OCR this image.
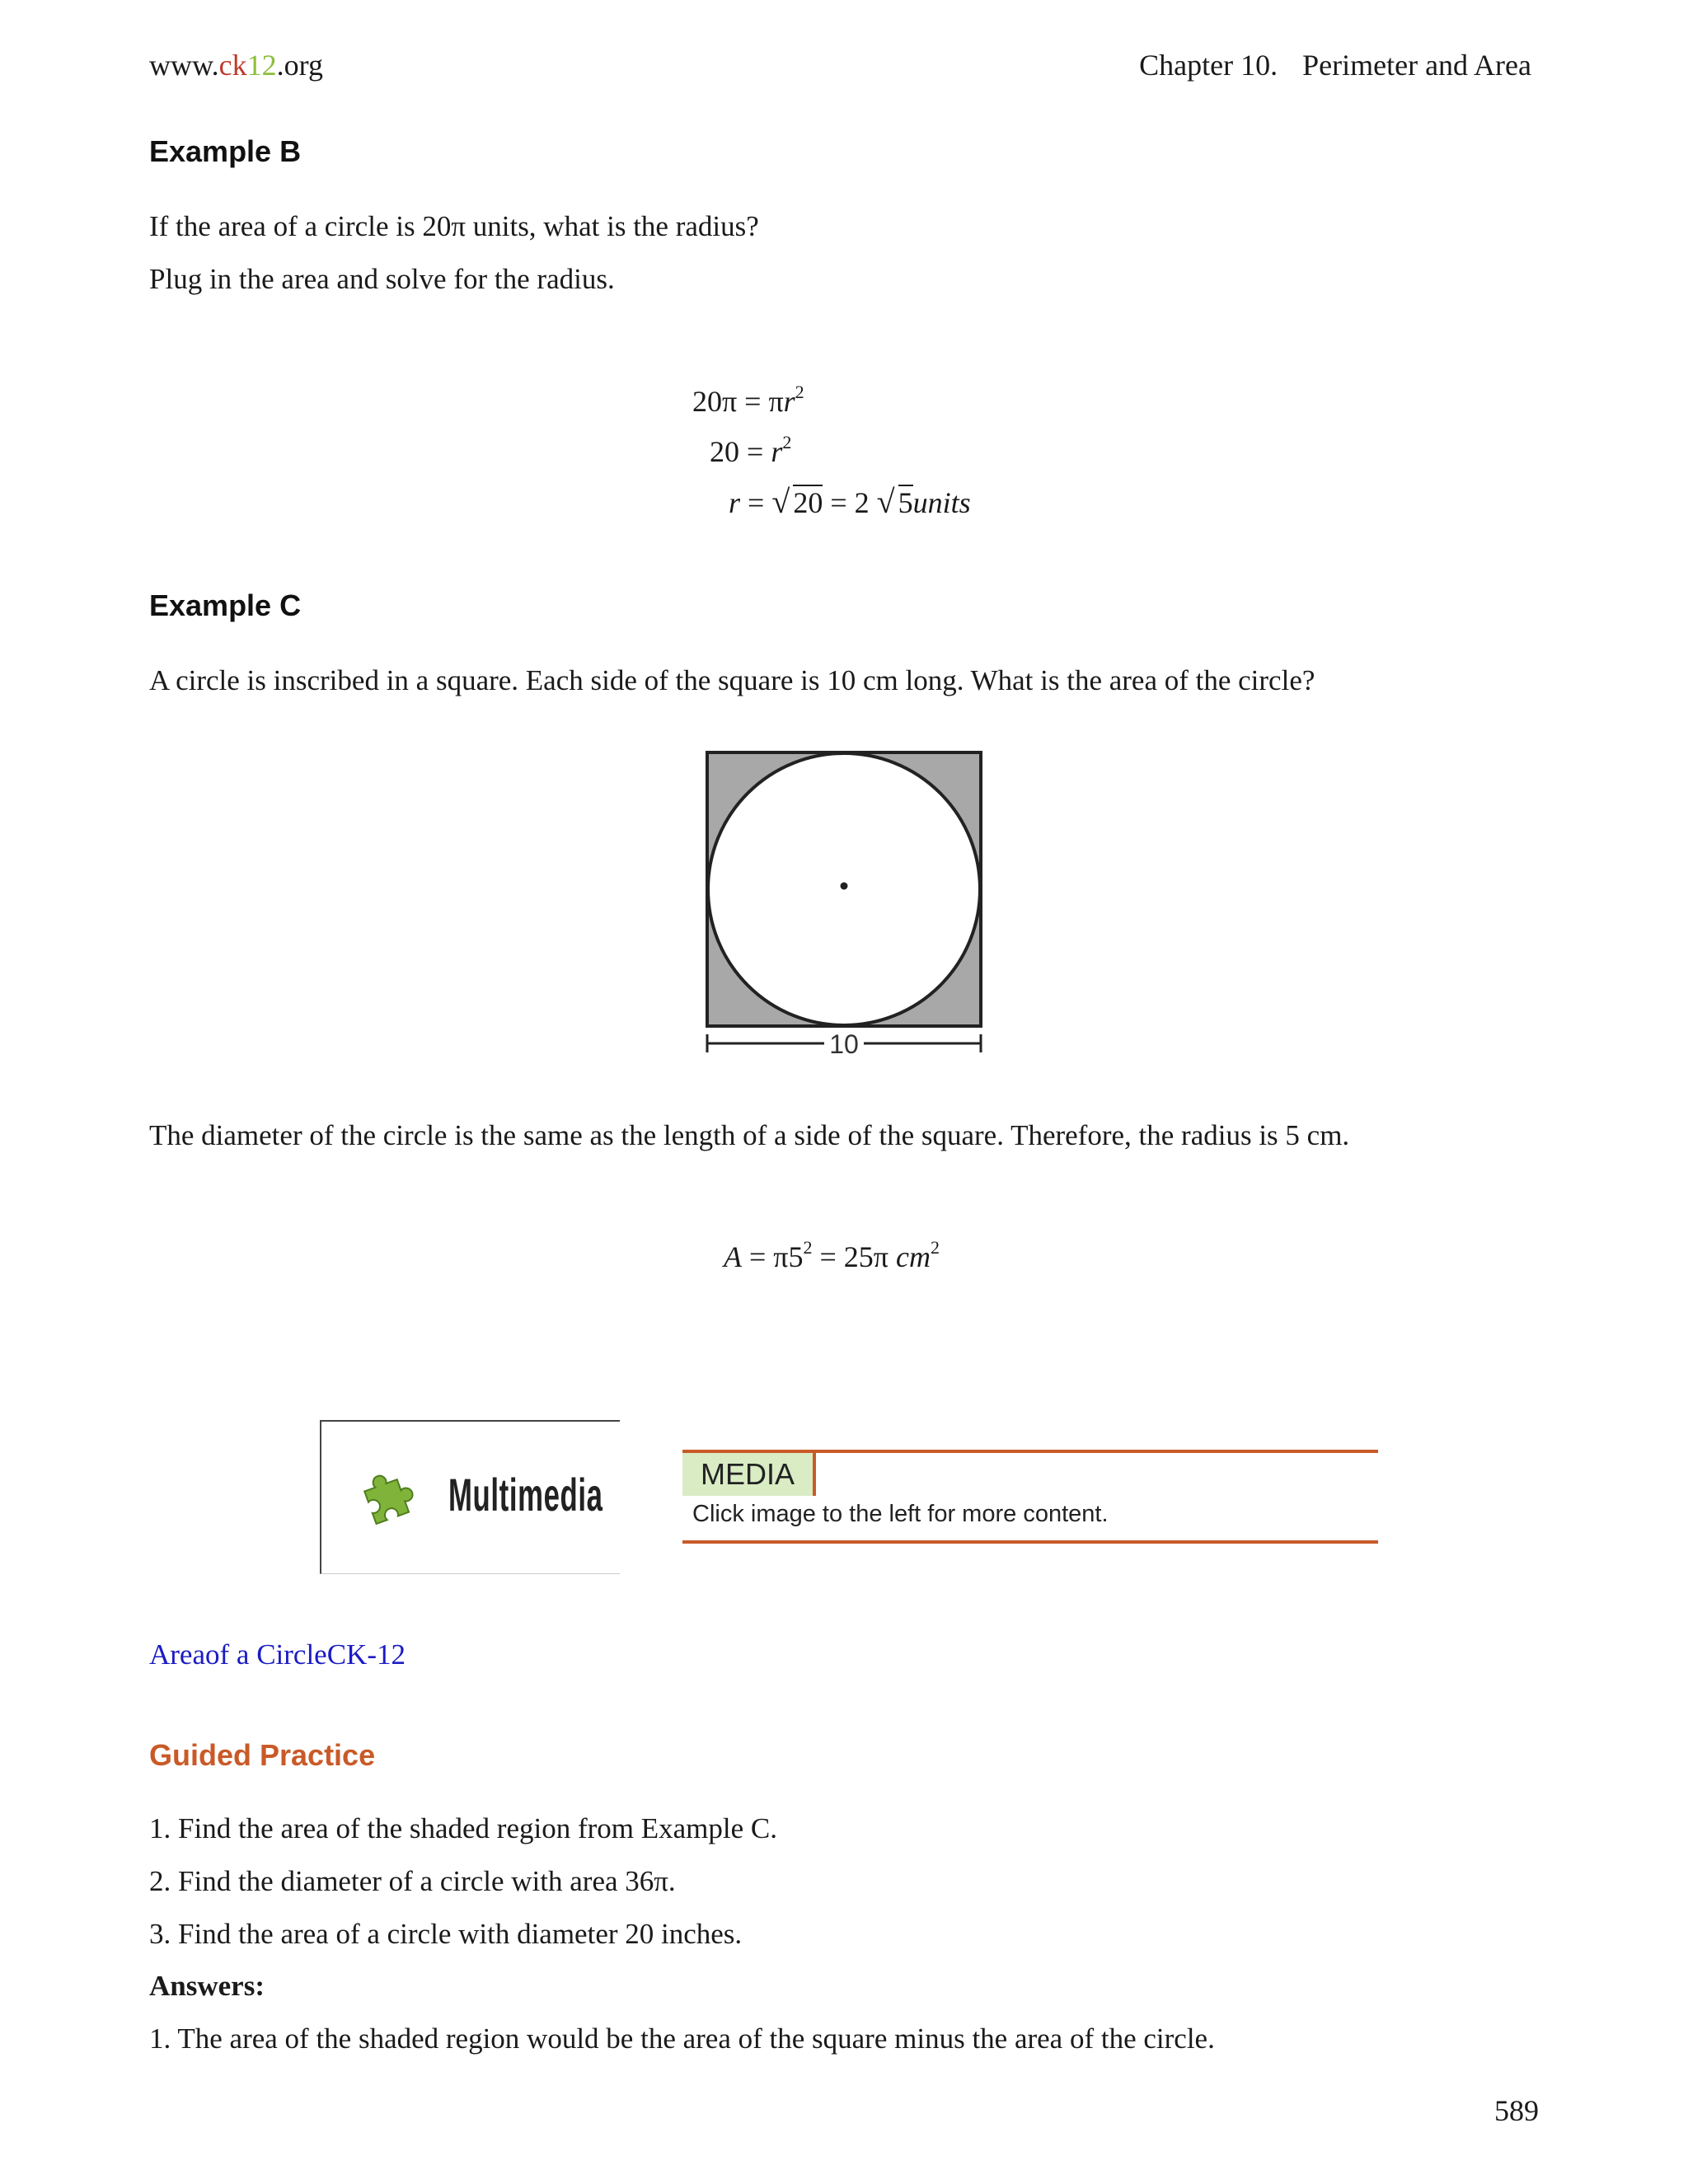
www.ck12.org	Chapter 10. Perimeter and Area
Example B
If the area of a circle is 20π units, what is the radius?
Plug in the area and solve for the radius.
$20\pi = \pi r^2$
$20 = r^2$
r = √ 20 = 2 √ 5units
Example C
A circle is inscribed in a square. Each side of the square is 10 cm long. What is the area of the circle?
10
The diameter of the circle is the same as the length of a side of the square. Therefore, the radius is 5 cm.
$A = \pi 5^2 = 25\pi$ $cm^2$
Multimedia	MEDIA
Click image to the left for more content.
Areaof a CircleCK-12
Guided Practice
1. Find the area of the shaded region from Example C.
2. Find the diameter of a circle with area 36π.
3. Find the area of a circle with diameter 20 inches.
Answers:
1. The area of the shaded region would be the area of the square minus the area of the circle.
589
